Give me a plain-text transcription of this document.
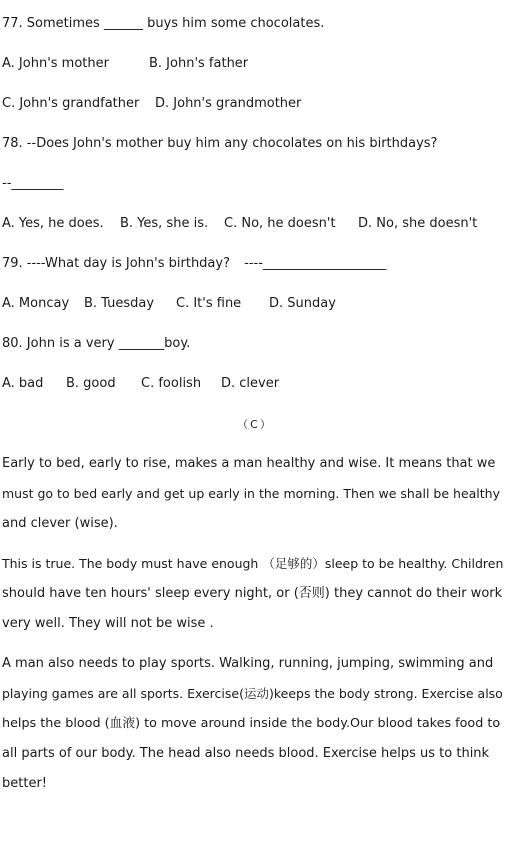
77. Sometimes ______ buys him some chocolates.
A. John's mother	B. John's father
C. John's grandfather D. John's grandmother
78. --Does John's mother buy him any chocolates on his birthdays?
--________
A. Yes, he does. B. Yes, she is. C. No, he doesn't D. No, she doesn't
79. ----What day is John's birthday? ----___________________
A. Moncay B. Tuesday C. It's fine D. Sunday
80. John is a very _______boy.
A. bad B. good C. foolish D. clever
（C）
Early to bed, early to rise, makes a man healthy and wise. It means that we
must go to bed early and get up early in the morning. Then we shall be healthy
and clever (wise).
This is true. The body must have enough （足够的）sleep to be healthy. Children
should have ten hours' sleep every night, or (否则) they cannot do their work
very well. They will not be wise .
A man also needs to play sports. Walking, running, jumping, swimming and
playing games are all sports. Exercise(运动)keeps the body strong. Exercise also
helps the blood (血液) to move around inside the body.Our blood takes food to
all parts of our body. The head also needs blood. Exercise helps us to think
better!
